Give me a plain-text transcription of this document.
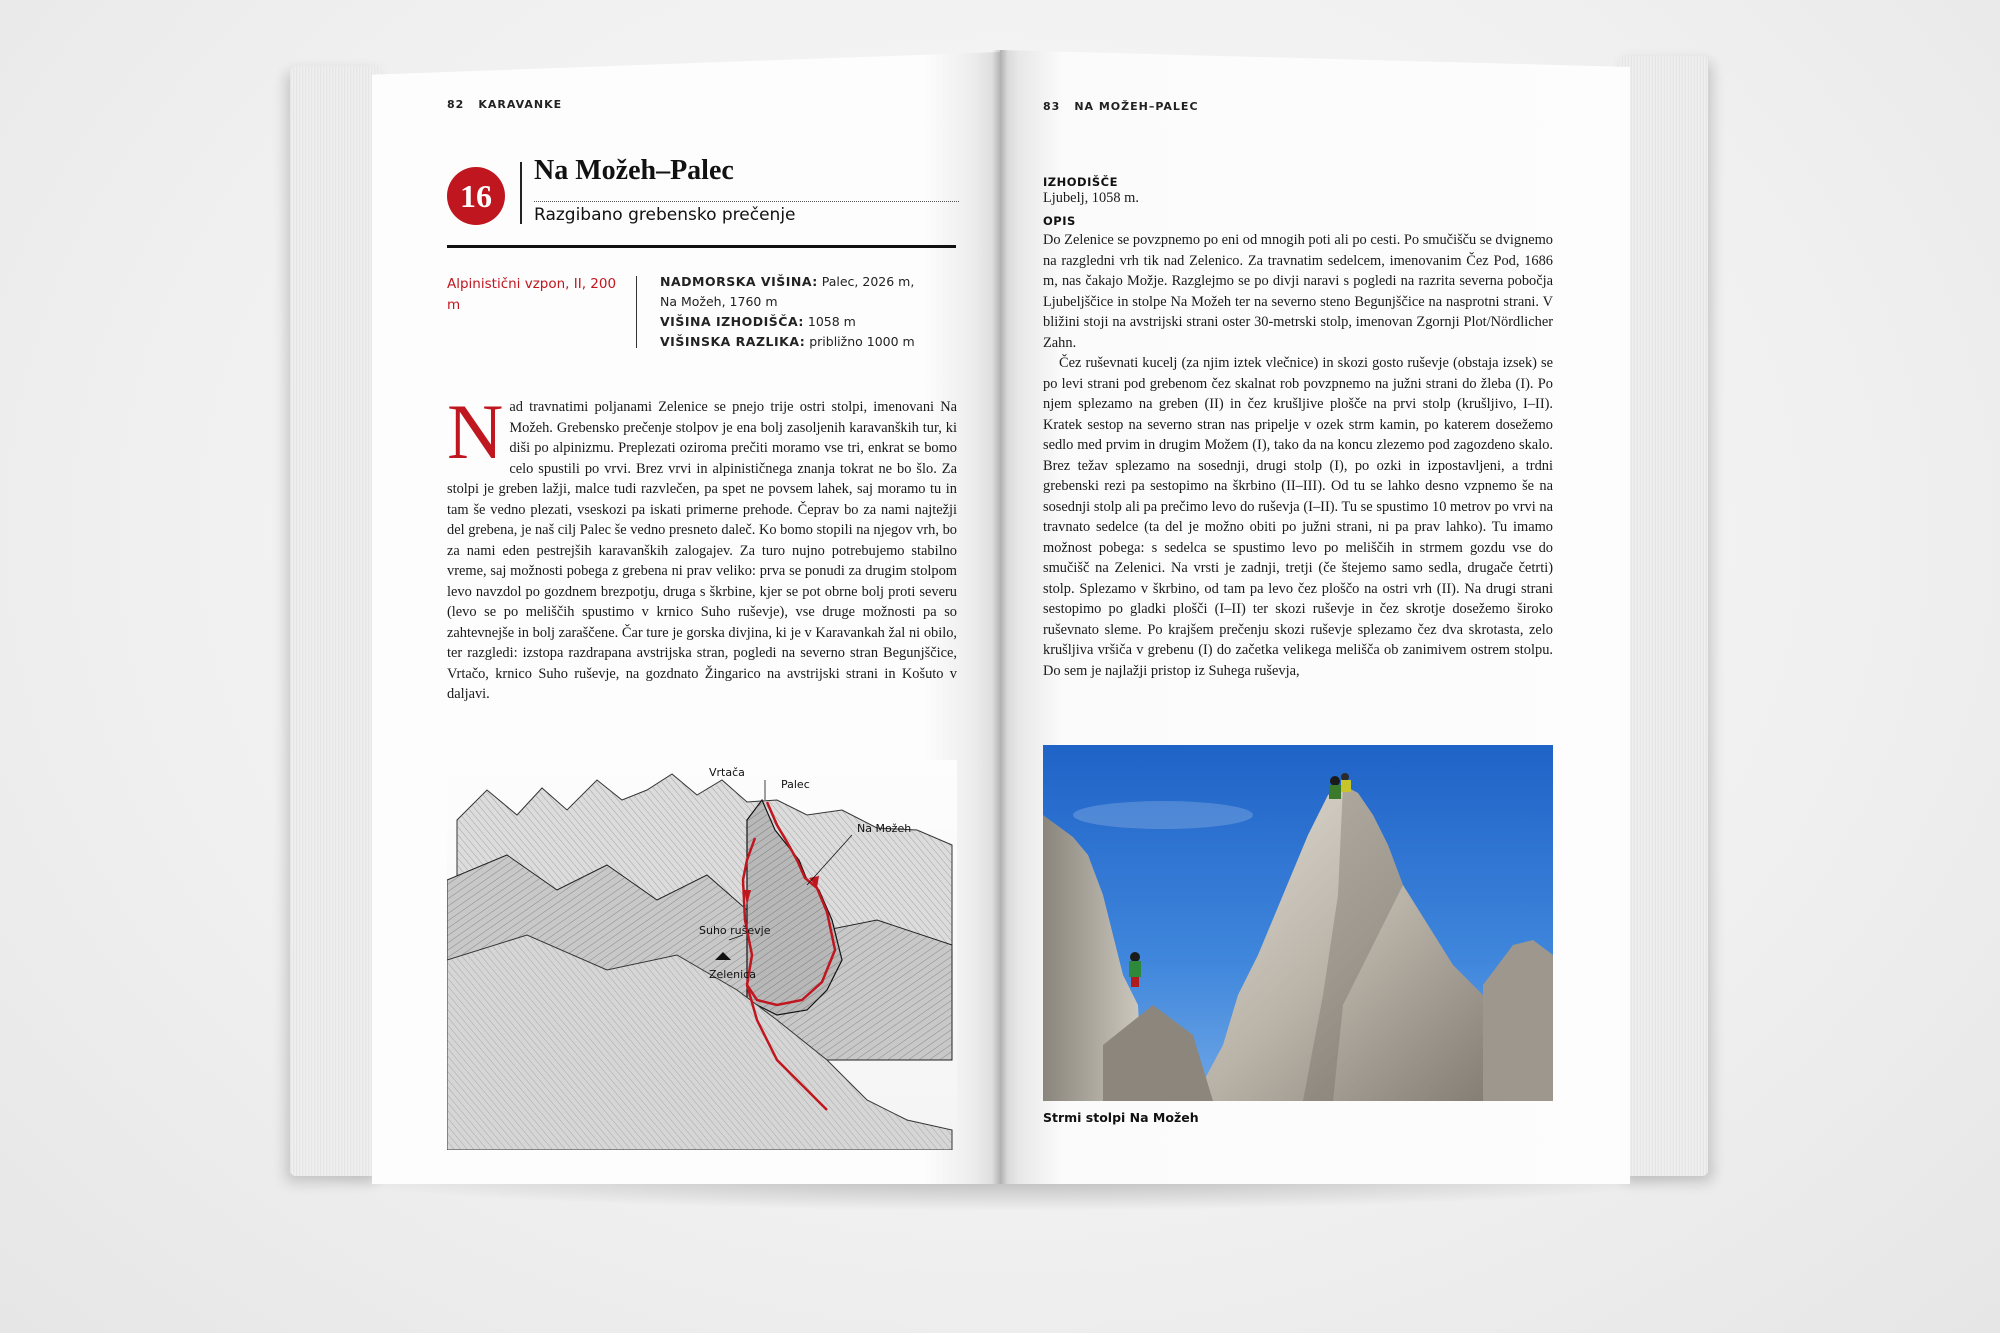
82 KARAVANKE
16
Na Možeh–Palec
Razgibano grebensko prečenje
Alpinistični vzpon, II, 200 m
NADMORSKA VIŠINA: Palec, 2026 m,
Na Možeh, 1760 m
VIŠINA IZHODIŠČA: 1058 m
VIŠINSKA RAZLIKA: približno 1000 m

Nad travnatimi poljanami Zelenice se pnejo trije ostri stolpi, imenovani Na Možeh. Grebensko prečenje stolpov je ena bolj zasoljenih karavanških tur, ki diši po alpinizmu. Preplezati oziroma prečiti moramo vse tri, enkrat se bomo celo spustili po vrvi. Brez vrvi in alpinističnega znanja tokrat ne bo šlo. Za stolpi je greben lažji, malce tudi razvlečen, pa spet ne povsem lahek, saj moramo tu in tam še vedno plezati, vseskozi pa iskati primerne prehode. Čeprav bo za nami najtežji del grebena, je naš cilj Palec še vedno presneto daleč. Ko bomo stopili na njegov vrh, bo za nami eden pestrejših karavanških zalogajev. Za turo nujno potrebujemo stabilno vreme, saj možnosti pobega z grebena ni prav veliko: prva se ponudi za drugim stolpom levo navzdol po gozdnem brezpotju, druga s škrbine, kjer se pot obrne bolj proti severu (levo se po meliščih spustimo v krnico Suho ruševje), vse druge možnosti pa so zahtevnejše in bolj zaraščene. Čar ture je gorska divjina, ki je v Karavankah žal ni obilo, ter razgledi: izstopa razdrapana avstrijska stran, pogledi na severno stran Begunjščice, Vrtačo, krnico Suho ruševje, na gozdnato Žingarico na avstrijski strani in Košuto v daljavi.

Vrtača
Palec
Na Možeh
Suho ruševje
Zelenica
83 NA MOŽEH–PALEC
IZHODIŠČE
Ljubelj, 1058 m.
OPIS
Do Zelenice se povzpnemo po eni od mnogih poti ali po cesti. Po smučišču se dvignemo na razgledni vrh tik nad Zelenico. Za travnatim sedelcem, imenovanim Čez Pod, 1686 m, nas čakajo Možje. Razglejmo se po divji naravi s pogledi na razrita severna pobočja Ljubeljščice in stolpe Na Možeh ter na severno steno Begunjščice na nasprotni strani. V bližini stoji na avstrijski strani oster 30-metrski stolp, imenovan Zgornji Plot/Nördlicher Zahn.
Čez ruševnati kucelj (za njim iztek vlečnice) in skozi gosto ruševje (obstaja izsek) se po levi strani pod grebenom čez skalnat rob povzpnemo na južni strani do žleba (I). Po njem splezamo na greben (II) in čez krušljive plošče na prvi stolp (krušljivo, I–II). Kratek sestop na severno stran nas pripelje v ozek strm kamin, po katerem dosežemo sedlo med prvim in drugim Možem (I), tako da na koncu zlezemo pod zagozdeno skalo. Brez težav splezamo na sosednji, drugi stolp (I), po ozki in izpostavljeni, a trdni grebenski rezi pa sestopimo na škrbino (II–III). Od tu se lahko desno vzpnemo še na sosednji stolp ali pa prečimo levo do ruševja (I–II). Tu se spustimo 10 metrov po vrvi na travnato sedelce (ta del je možno obiti po južni strani, ni pa prav lahko). Tu imamo možnost pobega: s sedelca se spustimo levo po meliščih in strmem gozdu vse do smučišč na Zelenici. Na vrsti je zadnji, tretji (če štejemo samo sedla, drugače četrti) stolp. Splezamo v škrbino, od tam pa levo čez ploščo na ostri vrh (II). Na drugi strani sestopimo po gladki plošči (I–II) ter skozi ruševje in čez skrotje dosežemo široko ruševnato sleme. Po krajšem prečenju skozi ruševje splezamo čez dva skrotasta, zelo krušljiva vršiča v grebenu (I) do začetka velikega melišča ob zanimivem ostrem stolpu. Do sem je najlažji pristop iz Suhega ruševja,
Strmi stolpi Na Možeh
